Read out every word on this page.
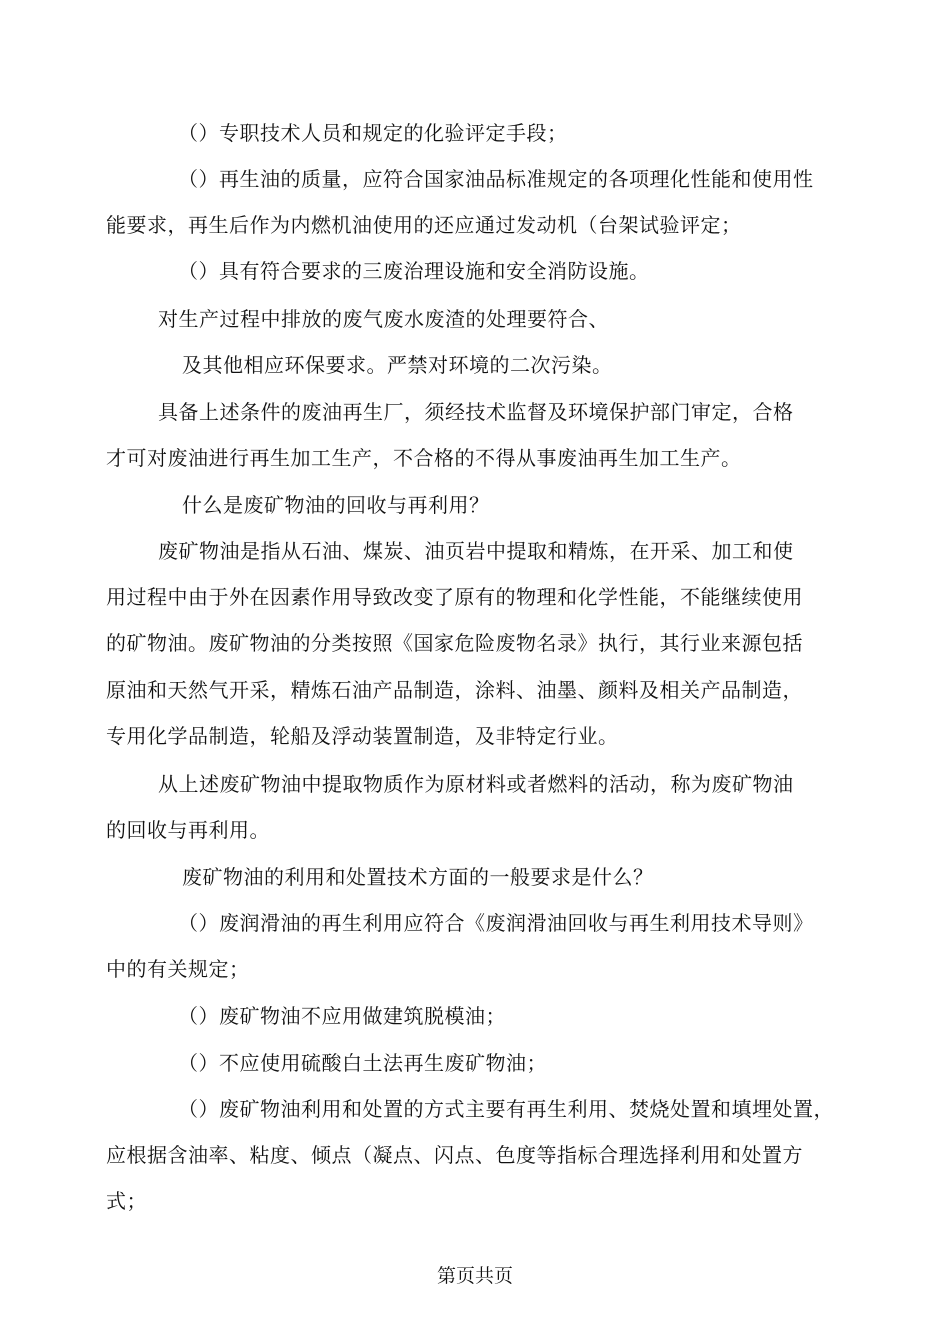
（）专职技术人员和规定的化验评定手段；
（）再生油的质量，应符合国家油品标准规定的各项理化性能和使用性
能要求，再生后作为内燃机油使用的还应通过发动机（台架试验评定；
（）具有符合要求的三废治理设施和安全消防设施。
对生产过程中排放的废气废水废渣的处理要符合、
及其他相应环保要求。严禁对环境的二次污染。
具备上述条件的废油再生厂，须经技术监督及环境保护部门审定，合格
才可对废油进行再生加工生产，不合格的不得从事废油再生加工生产。
什么是废矿物油的回收与再利用？
废矿物油是指从石油、煤炭、油页岩中提取和精炼，在开采、加工和使
用过程中由于外在因素作用导致改变了原有的物理和化学性能，不能继续使用
的矿物油。废矿物油的分类按照《国家危险废物名录》执行，其行业来源包括
原油和天然气开采，精炼石油产品制造，涂料、油墨、颜料及相关产品制造，
专用化学品制造，轮船及浮动装置制造，及非特定行业。
从上述废矿物油中提取物质作为原材料或者燃料的活动，称为废矿物油
的回收与再利用。
废矿物油的利用和处置技术方面的一般要求是什么？
（）废润滑油的再生利用应符合《废润滑油回收与再生利用技术导则》
中的有关规定；
（）废矿物油不应用做建筑脱模油；
（）不应使用硫酸白土法再生废矿物油；
（）废矿物油利用和处置的方式主要有再生利用、焚烧处置和填埋处置，
应根据含油率、粘度、倾点（凝点、闪点、色度等指标合理选择利用和处置方
式；
第页共页
